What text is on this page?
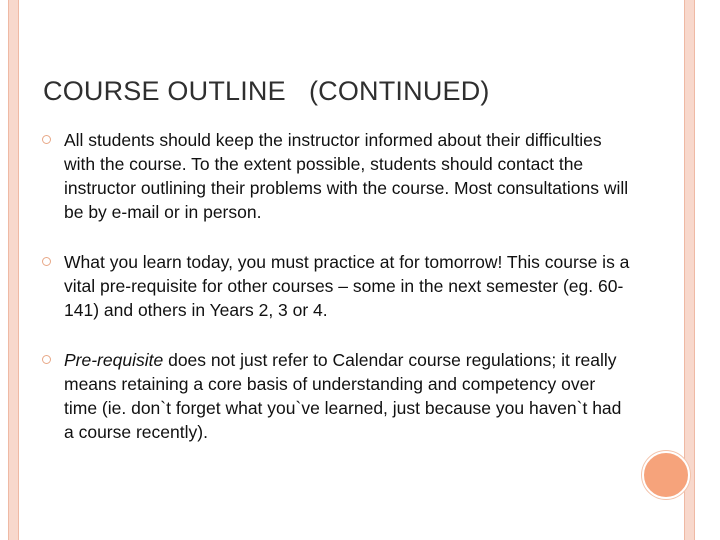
COURSE OUTLINE   (CONTINUED)
All students should keep the instructor informed about their difficulties with the course. To the extent possible, students should contact the instructor outlining their problems with the course. Most consultations will be by e-mail or in person.
What you learn today, you must practice at for tomorrow! This course is a vital pre-requisite for other courses – some in the next semester (eg. 60-141) and others in Years 2, 3 or 4.
Pre-requisite does not just refer to Calendar course regulations; it really means retaining a core basis of understanding and competency over time (ie. don`t forget what you`ve learned, just because you haven`t had a course recently).
